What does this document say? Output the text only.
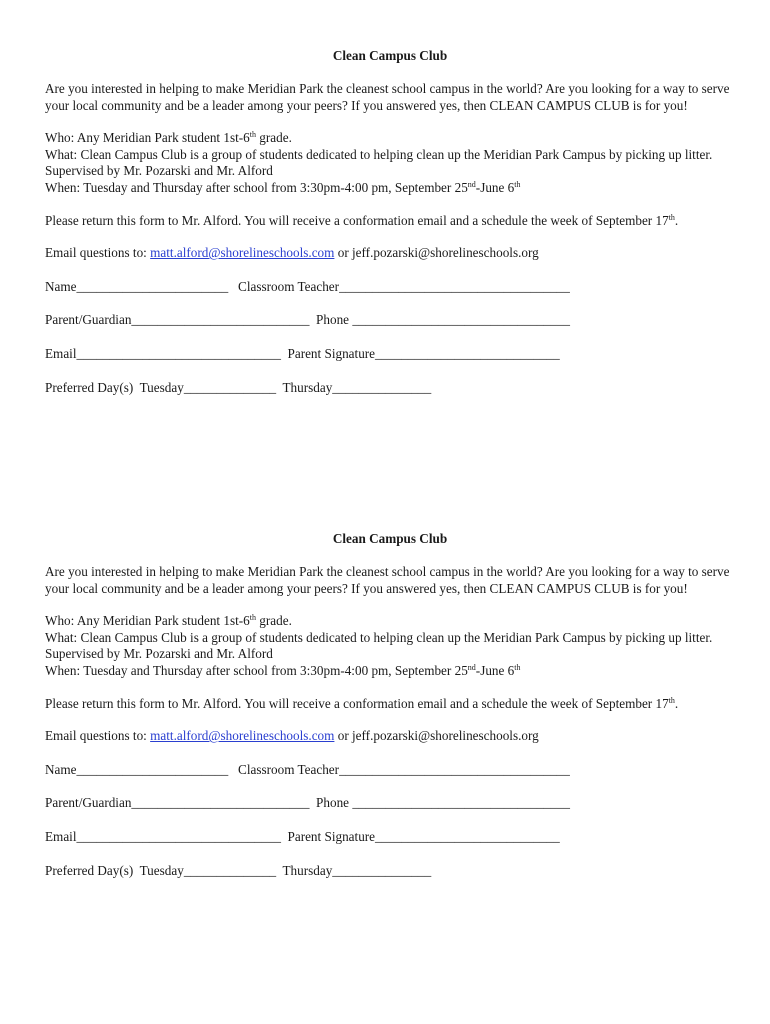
Clean Campus Club

Are you interested in helping to make Meridian Park the cleanest school campus in the world? Are you looking for a way to serve your local community and be a leader among your peers? If you answered yes, then CLEAN CAMPUS CLUB is for you!

Who: Any Meridian Park student 1st-6th grade.

What: Clean Campus Club is a group of students dedicated to helping clean up the Meridian Park Campus by picking up litter. Supervised by Mr. Pozarski and Mr. Alford

When: Tuesday and Thursday after school from 3:30pm-4:00 pm, September 25nd-June 6th

Please return this form to Mr. Alford. You will receive a conformation email and a schedule the week of September 17th.

Email questions to: matt.alford@shorelineschools.com or jeff.pozarski@shorelineschools.org

Name_______________________ Classroom Teacher___________________________________

Parent/Guardian___________________________ Phone _________________________________

Email_______________________________ Parent Signature____________________________

Preferred Day(s)  Tuesday______________ Thursday_______________

Clean Campus Club

Are you interested in helping to make Meridian Park the cleanest school campus in the world? Are you looking for a way to serve your local community and be a leader among your peers? If you answered yes, then CLEAN CAMPUS CLUB is for you!

Who: Any Meridian Park student 1st-6th grade.

What: Clean Campus Club is a group of students dedicated to helping clean up the Meridian Park Campus by picking up litter. Supervised by Mr. Pozarski and Mr. Alford

When: Tuesday and Thursday after school from 3:30pm-4:00 pm, September 25nd-June 6th

Please return this form to Mr. Alford. You will receive a conformation email and a schedule the week of September 17th.

Email questions to: matt.alford@shorelineschools.com or jeff.pozarski@shorelineschools.org

Name_______________________ Classroom Teacher___________________________________

Parent/Guardian___________________________ Phone _________________________________

Email_______________________________ Parent Signature____________________________

Preferred Day(s)  Tuesday______________ Thursday_______________
